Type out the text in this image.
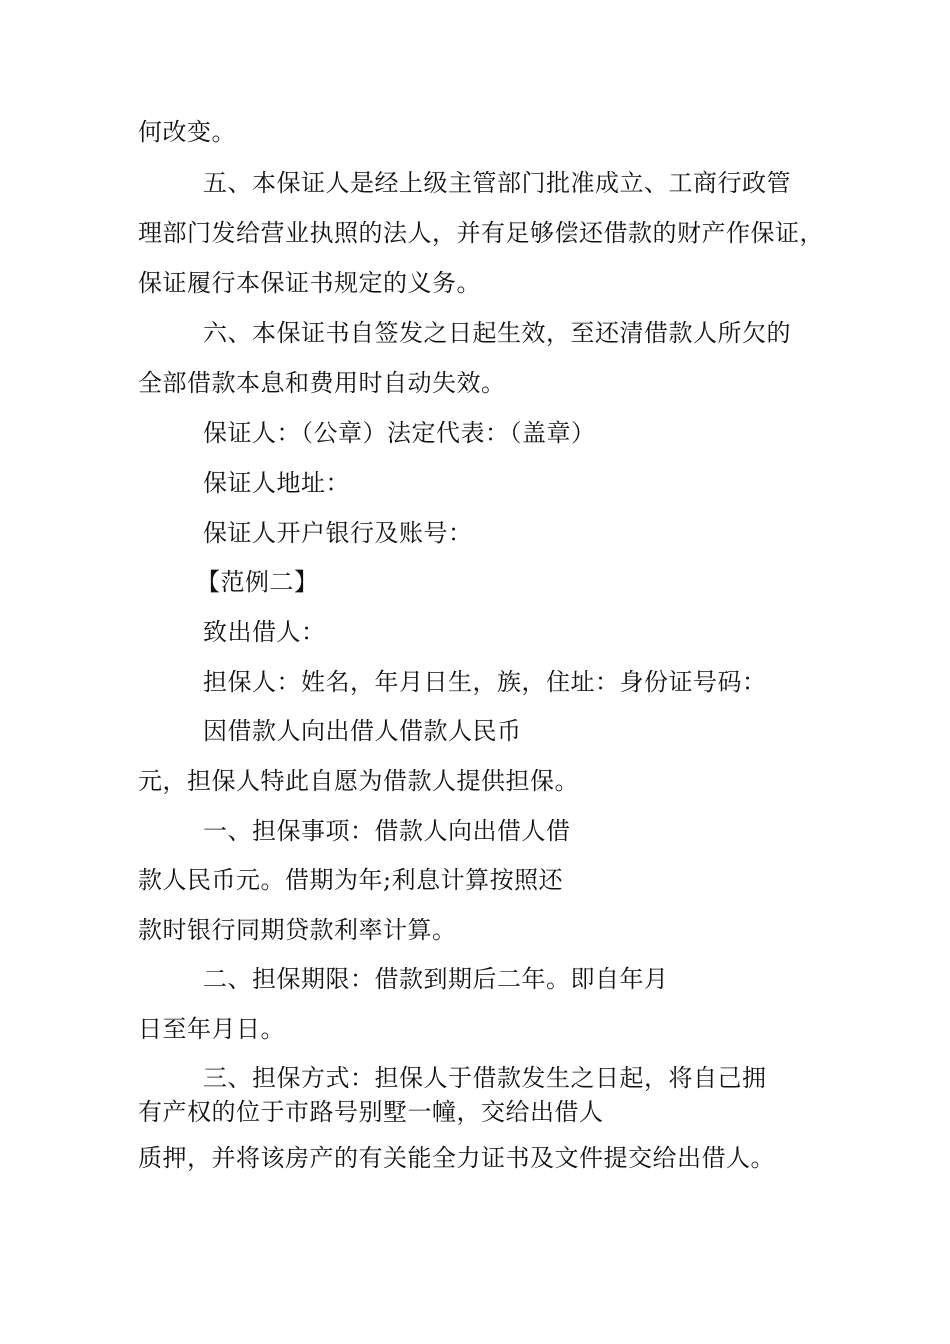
何改变。
五、本保证人是经上级主管部门批准成立、工商行政管
理部门发给营业执照的法人，并有足够偿还借款的财产作保证，
保证履行本保证书规定的义务。
六、本保证书自签发之日起生效，至还清借款人所欠的
全部借款本息和费用时自动失效。
保证人：（公章）法定代表：（盖章）
保证人地址：
保证人开户银行及账号：
【范例二】
致出借人：
担保人：姓名，年月日生，族，住址：身份证号码：
因借款人向出借人借款人民币
元，担保人特此自愿为借款人提供担保。
一、担保事项：借款人向出借人借
款人民币元。借期为年;利息计算按照还
款时银行同期贷款利率计算。
二、担保期限：借款到期后二年。即自年月
日至年月日。
三、担保方式：担保人于借款发生之日起，将自己拥
有产权的位于市路号别墅一幢，交给出借人
质押，并将该房产的有关能全力证书及文件提交给出借人。
